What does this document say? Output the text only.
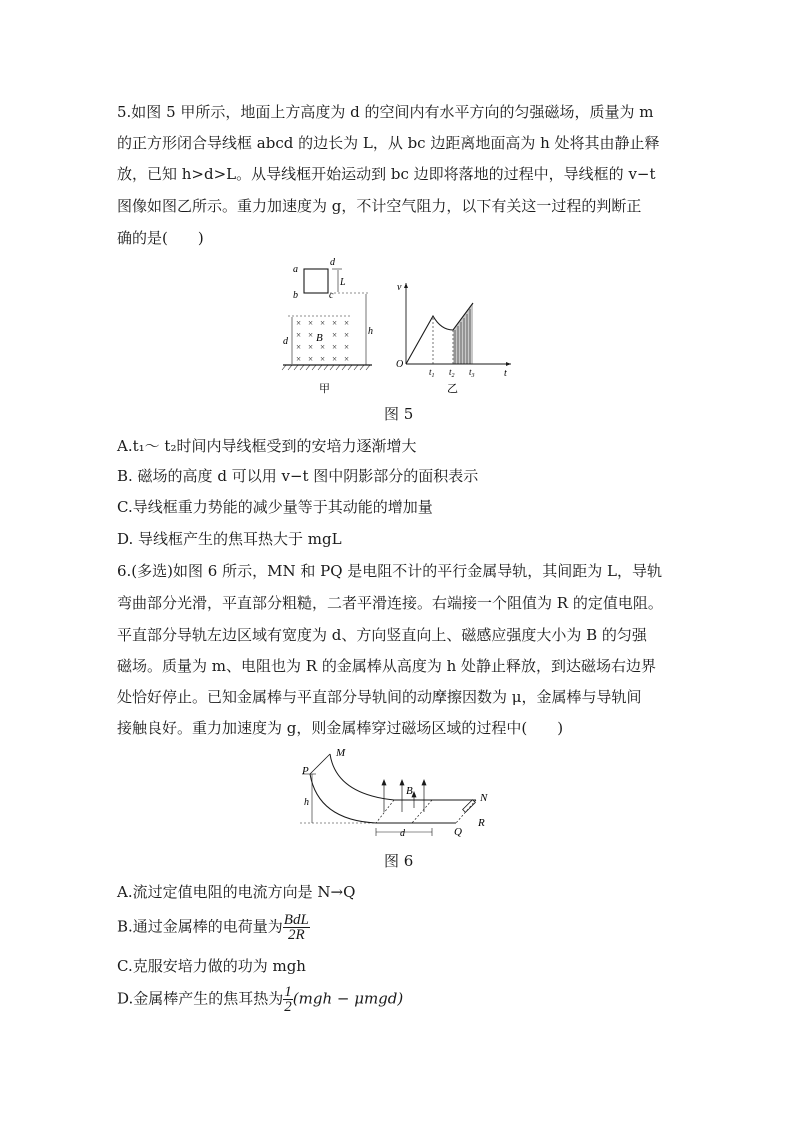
5.如图 5 甲所示，地面上方高度为 d 的空间内有水平方向的匀强磁场，质量为 m
的正方形闭合导线框 abcd 的边长为 L，从 bc 边距离地面高为 h 处将其由静止释
放，已知 h>d>L。从导线框开始运动到 bc 边即将落地的过程中，导线框的 v−t
图像如图乙所示。重力加速度为 g，不计空气阻力，以下有关这一过程的判断正
确的是(　　)
a
b	c
d
L
h
d
× × × × ×
× × × ×
× × × × ×
× × × × ×
B
甲
v
t
O
$t_1$ $t_2$ $t_3$
乙
图 5
A.t₁～ t₂时间内导线框受到的安培力逐渐增大
B. 磁场的高度 d 可以用 v−t 图中阴影部分的面积表示
C.导线框重力势能的减少量等于其动能的增加量
D. 导线框产生的焦耳热大于 mgL
6.(多选)如图 6 所示，MN 和 PQ 是电阻不计的平行金属导轨，其间距为 L，导轨
弯曲部分光滑，平直部分粗糙，二者平滑连接。右端接一个阻值为 R 的定值电阻。
平直部分导轨左边区域有宽度为 d、方向竖直向上、磁感应强度大小为 B 的匀强
磁场。质量为 m、电阻也为 R 的金属棒从高度为 h 处静止释放，到达磁场右边界
处恰好停止。已知金属棒与平直部分导轨间的动摩擦因数为 μ，金属棒与导轨间
接触良好。重力加速度为 g，则金属棒穿过磁场区域的过程中(　　)
P
M
N
Q
R
B
h
d
图 6
A.流过定值电阻的电流方向是 N→Q
B.通过金属棒的电荷量为 $\frac{\text{BdL}}{2R}$
C.克服安培力做的功为 mgh
D.金属棒产生的焦耳热为 $\frac{1}{2} (mgh - \mu mgd)$
